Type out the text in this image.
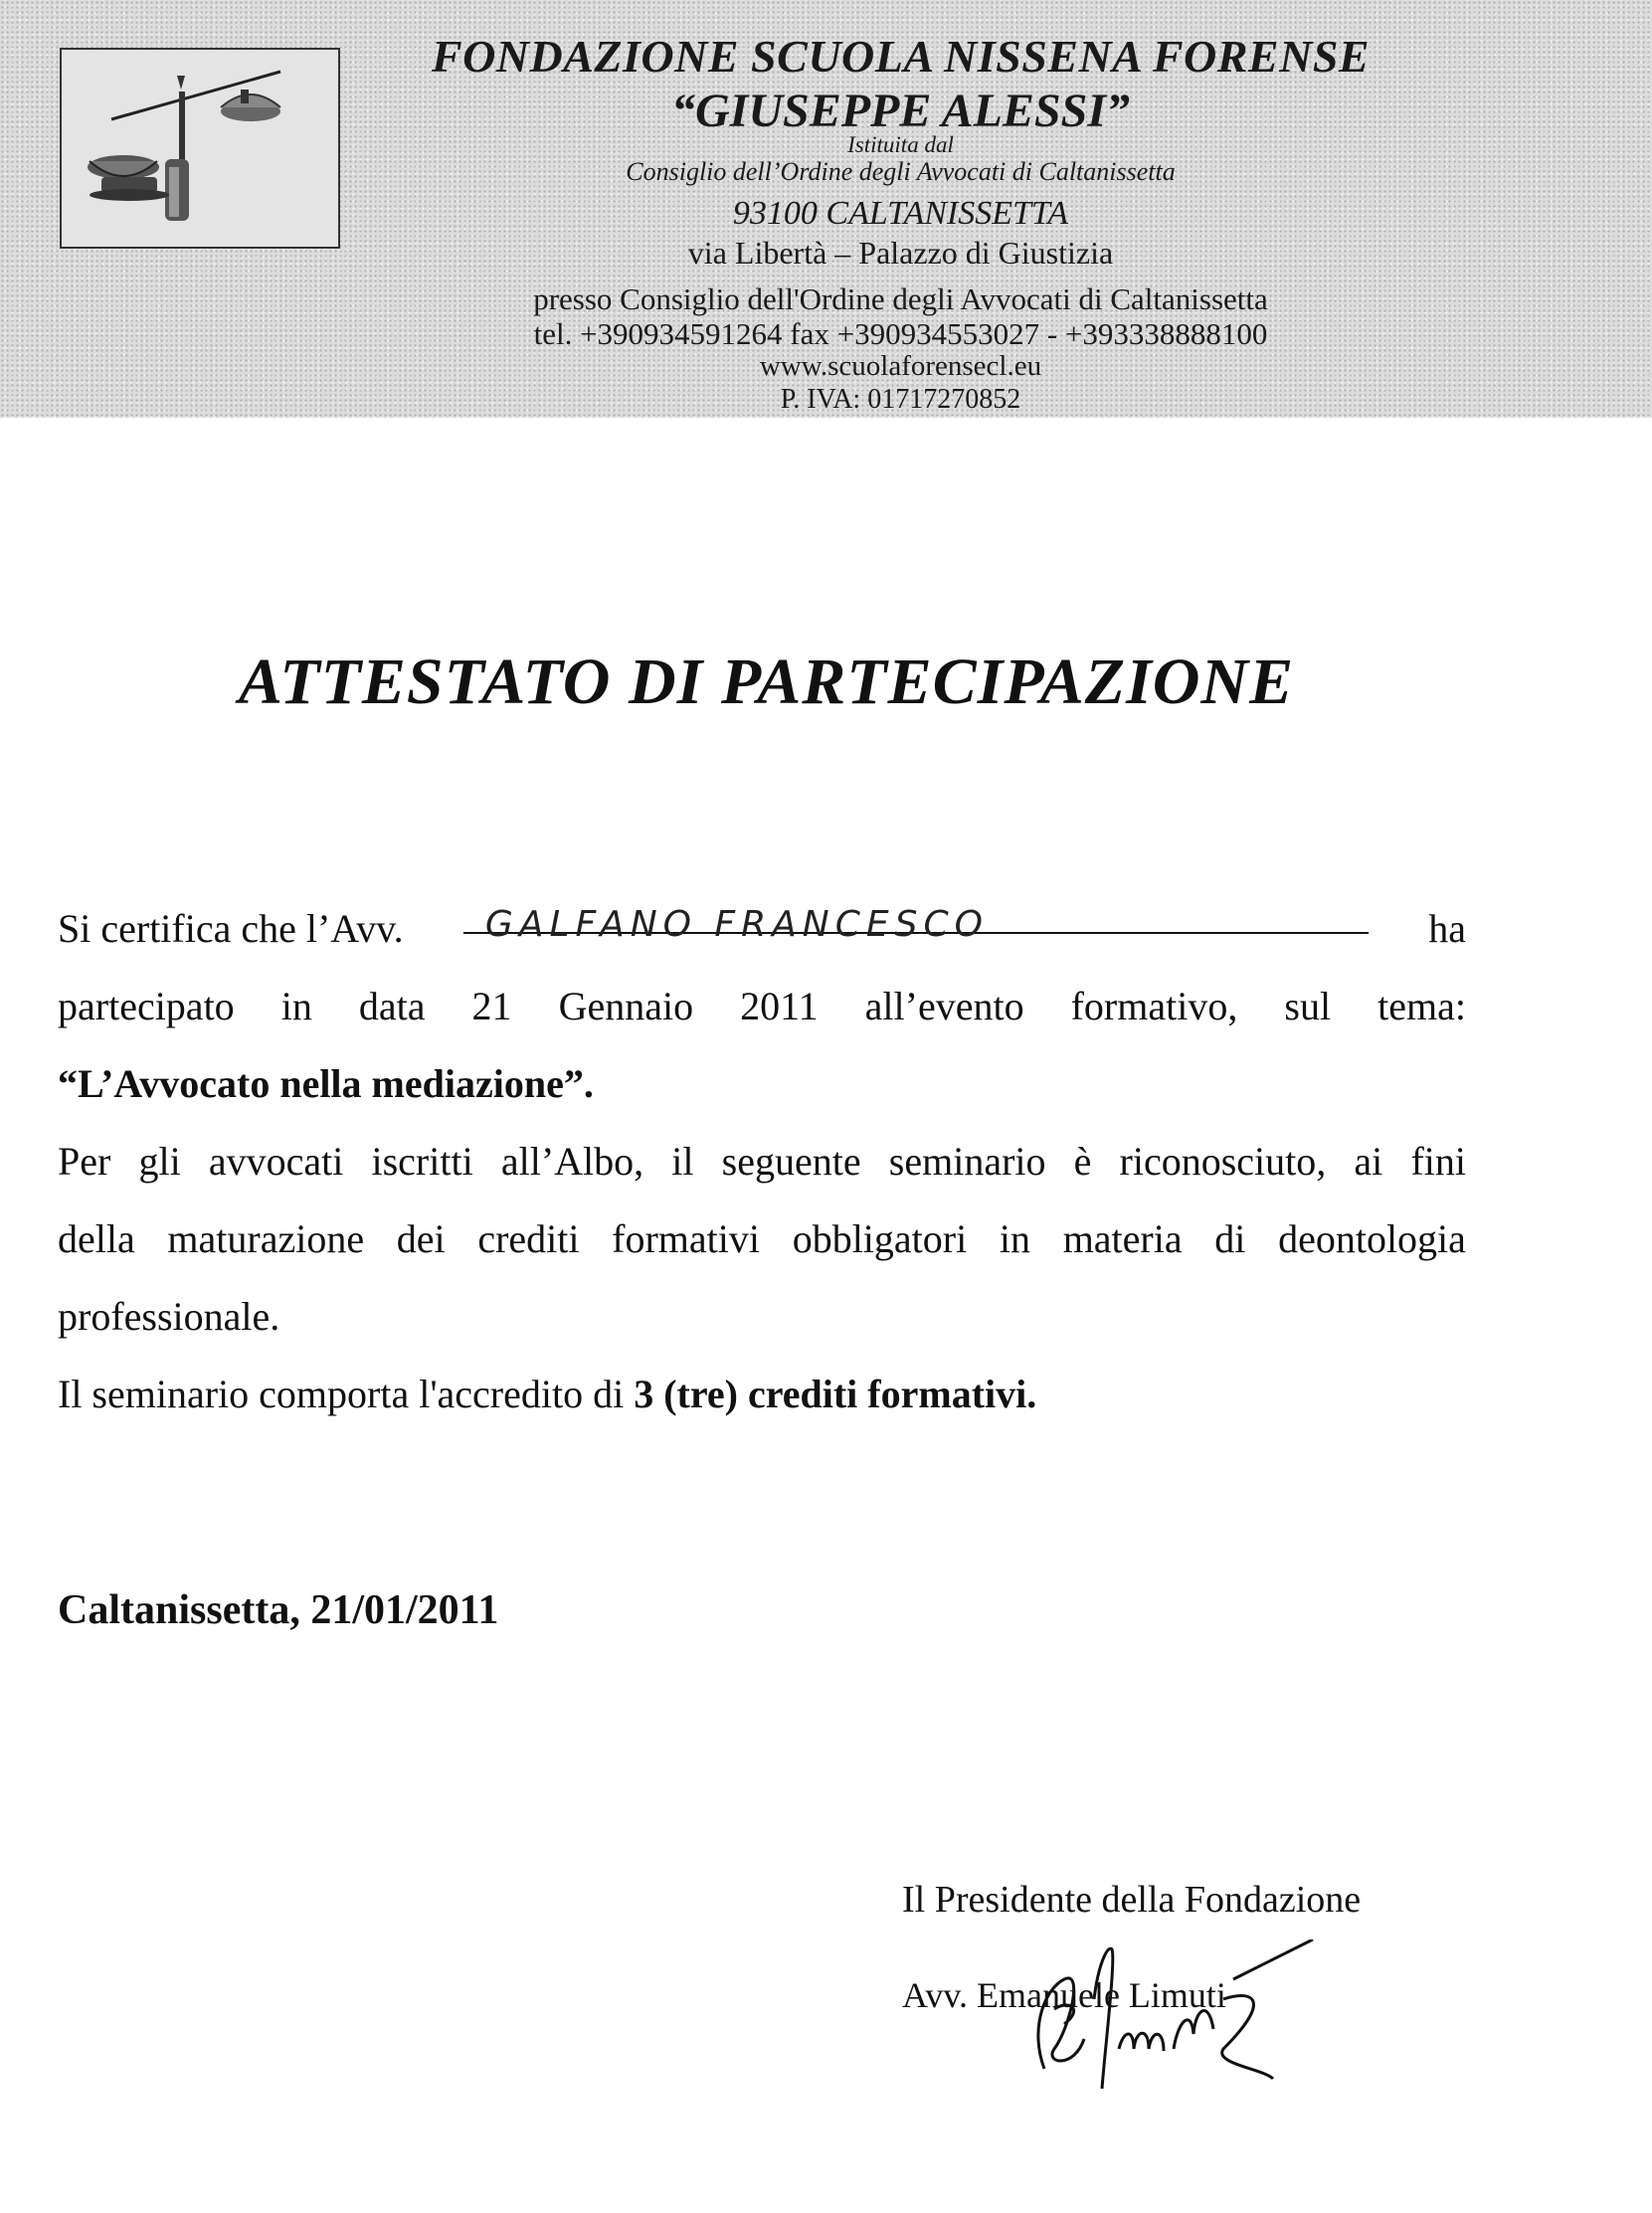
FONDAZIONE SCUOLA NISSENA FORENSE
“GIUSEPPE ALESSI”
Istituita dal
Consiglio dell’Ordine degli Avvocati di Caltanissetta
93100 CALTANISSETTA
via Libertà – Palazzo di Giustizia
presso Consiglio dell'Ordine degli Avvocati di Caltanissetta
tel. +390934591264 fax +390934553027 - +393338888100
www.scuolaforensecl.eu
P. IVA: 01717270852
ATTESTATO DI PARTECIPAZIONE
Si certifica che l’Avv. GALFANO FRANCESCO	ha
partecipato in data 21 Gennaio 2011 all’evento formativo, sul tema:
“L’Avvocato nella mediazione”.
Per gli avvocati iscritti all’Albo, il seguente seminario è riconosciuto, ai fini
della maturazione dei crediti formativi obbligatori in materia di deontologia
professionale.
Il seminario comporta l'accredito di 3 (tre) crediti formativi.
Caltanissetta, 21/01/2011
Il Presidente della Fondazione
Avv. Emanuele Limuti
